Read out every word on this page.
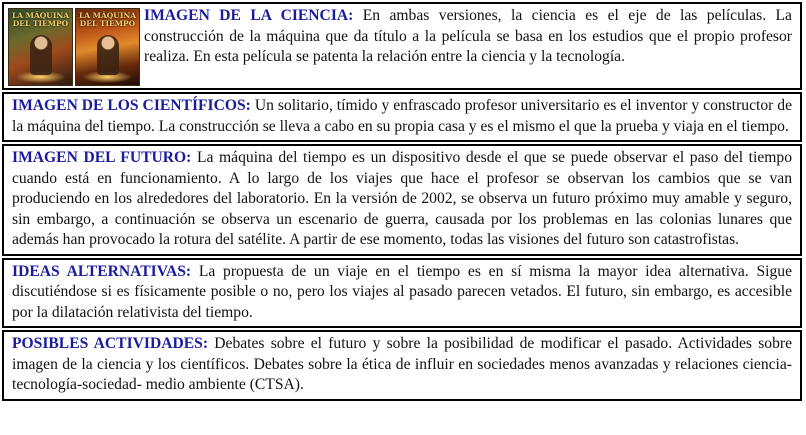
LA MÁQUINA DEL TIEMPO
LA MÁQUINA DEL TIEMPO IMAGEN DE LA CIENCIA: En ambas versiones, la ciencia es el eje de las películas. La construcción de la máquina que da título a la película se basa en los estudios que el propio profesor realiza. En esta película se patenta la relación entre la ciencia y la tecnología.
IMAGEN DE LOS CIENTÍFICOS: Un solitario, tímido y enfrascado profesor universitario es el inventor y constructor de la máquina del tiempo. La construcción se lleva a cabo en su propia casa y es el mismo el que la prueba y viaja en el tiempo.
IMAGEN DEL FUTURO: La máquina del tiempo es un dispositivo desde el que se puede observar el paso del tiempo cuando está en funcionamiento. A lo largo de los viajes que hace el profesor se observan los cambios que se van produciendo en los alrededores del laboratorio. En la versión de 2002, se observa un futuro próximo muy amable y seguro, sin embargo, a continuación se observa un escenario de guerra, causada por los problemas en las colonias lunares que además han provocado la rotura del satélite. A partir de ese momento, todas las visiones del futuro son catastrofistas.
IDEAS ALTERNATIVAS: La propuesta de un viaje en el tiempo es en sí misma la mayor idea alternativa. Sigue discutiéndose si es físicamente posible o no, pero los viajes al pasado parecen vetados. El futuro, sin embargo, es accesible por la dilatación relativista del tiempo.
POSIBLES ACTIVIDADES: Debates sobre el futuro y sobre la posibilidad de modificar el pasado. Actividades sobre imagen de la ciencia y los científicos. Debates sobre la ética de influir en sociedades menos avanzadas y relaciones ciencia-tecnología-sociedad- medio ambiente (CTSA).
